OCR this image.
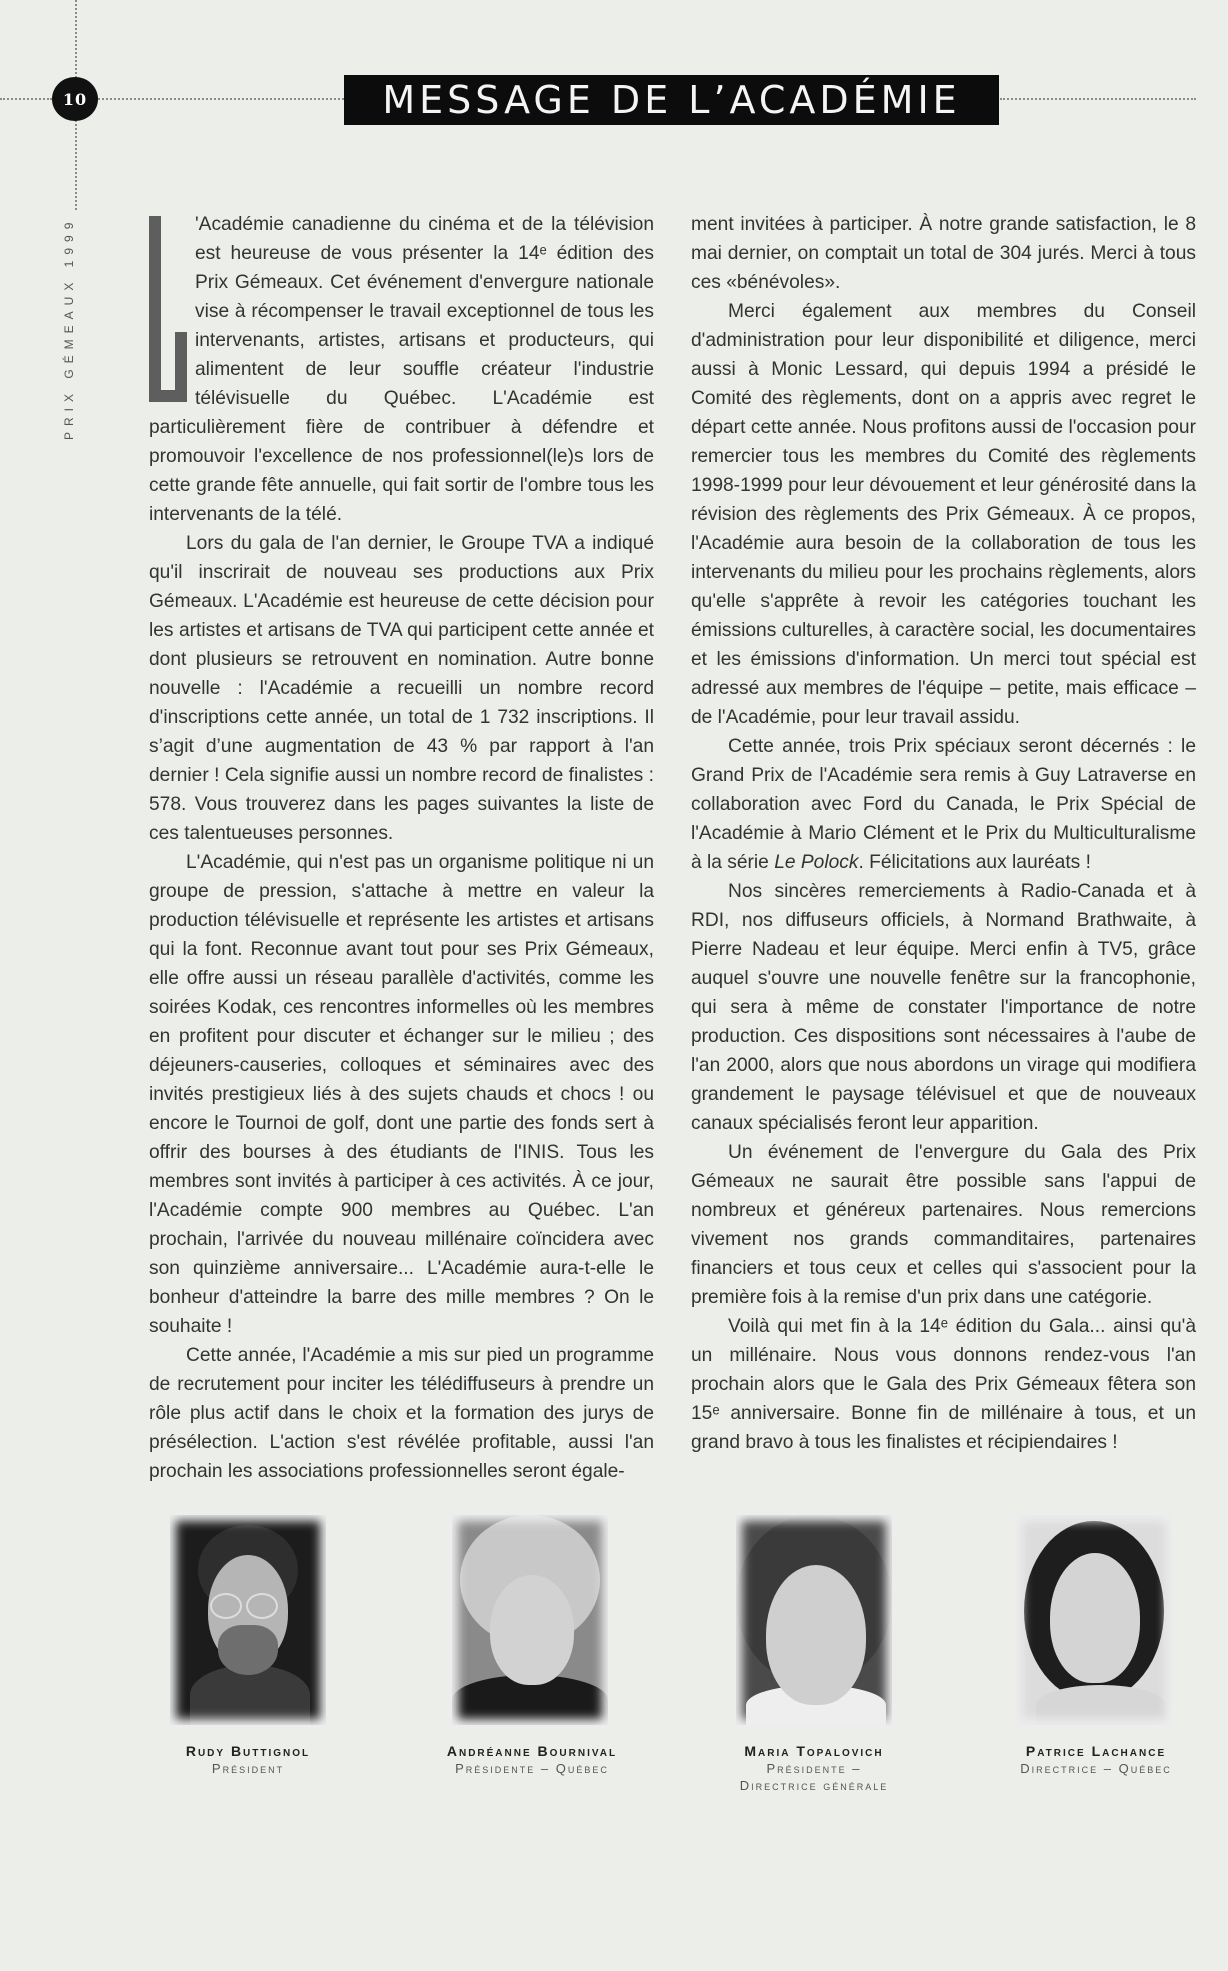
10	MESSAGE DE L’ACADÉMIE
PRIX GÉMEAUX 1999	'Académie canadienne du cinéma et de la télévision est heureuse de vous présenter la 14ᵉ édition des Prix Gémeaux. Cet événement d'envergure nationale vise à récompenser le travail exceptionnel de tous les intervenants, artistes, artisans et producteurs, qui alimentent de leur souffle créateur l'industrie télévisuelle du Québec. L'Académie est particulièrement fière de contribuer à défendre et promouvoir l'excellence de nos professionnel(le)s lors de cette grande fête annuelle, qui fait sortir de l'ombre tous les intervenants de la télé.

Lors du gala de l'an dernier, le Groupe TVA a indiqué qu'il inscrirait de nouveau ses productions aux Prix Gémeaux. L'Académie est heureuse de cette décision pour les artistes et artisans de TVA qui participent cette année et dont plusieurs se retrouvent en nomination. Autre bonne nouvelle : l'Académie a recueilli un nombre record d'inscriptions cette année, un total de 1 732 inscriptions. Il s’agit d’une augmentation de 43 % par rapport à l'an dernier ! Cela signifie aussi un nombre record de finalistes : 578. Vous trouverez dans les pages suivantes la liste de ces talentueuses personnes.

L'Académie, qui n'est pas un organisme politique ni un groupe de pression, s'attache à mettre en valeur la production télévisuelle et représente les artistes et artisans qui la font. Reconnue avant tout pour ses Prix Gémeaux, elle offre aussi un réseau parallèle d'activités, comme les soirées Kodak, ces rencontres informelles où les membres en profitent pour discuter et échanger sur le milieu ; des déjeuners-causeries, colloques et séminaires avec des invités prestigieux liés à des sujets chauds et chocs ! ou encore le Tournoi de golf, dont une partie des fonds sert à offrir des bourses à des étudiants de l'INIS. Tous les membres sont invités à participer à ces activités. À ce jour, l'Académie compte 900 membres au Québec. L'an prochain, l'arrivée du nouveau millénaire coïncidera avec son quinzième anniversaire... L'Académie aura-t-elle le bonheur d'atteindre la barre des mille membres ? On le souhaite !

Cette année, l'Académie a mis sur pied un programme de recrutement pour inciter les télédiffuseurs à prendre un rôle plus actif dans le choix et la formation des jurys de présélection. L'action s'est révélée profitable, aussi l'an prochain les associations professionnelles seront égale-

ment invitées à participer. À notre grande satisfaction, le 8 mai dernier, on comptait un total de 304 jurés. Merci à tous ces «bénévoles».

Merci également aux membres du Conseil d'administration pour leur disponibilité et diligence, merci aussi à Monic Lessard, qui depuis 1994 a présidé le Comité des règlements, dont on a appris avec regret le départ cette année. Nous profitons aussi de l'occasion pour remercier tous les membres du Comité des règlements 1998-1999 pour leur dévouement et leur générosité dans la révision des règlements des Prix Gémeaux. À ce propos, l'Académie aura besoin de la collaboration de tous les intervenants du milieu pour les prochains règlements, alors qu'elle s'apprête à revoir les catégories touchant les émissions culturelles, à caractère social, les documentaires et les émissions d'information. Un merci tout spécial est adressé aux membres de l'équipe – petite, mais efficace – de l'Académie, pour leur travail assidu.

Cette année, trois Prix spéciaux seront décernés : le Grand Prix de l'Académie sera remis à Guy Latraverse en collaboration avec Ford du Canada, le Prix Spécial de l'Académie à Mario Clément et le Prix du Multiculturalisme à la série Le Polock. Félicitations aux lauréats !

Nos sincères remerciements à Radio-Canada et à RDI, nos diffuseurs officiels, à Normand Brathwaite, à Pierre Nadeau et leur équipe. Merci enfin à TV5, grâce auquel s'ouvre une nouvelle fenêtre sur la francophonie, qui sera à même de constater l'importance de notre production. Ces dispositions sont nécessaires à l'aube de l'an 2000, alors que nous abordons un virage qui modifiera grandement le paysage télévisuel et que de nouveaux canaux spécialisés feront leur apparition.

Un événement de l'envergure du Gala des Prix Gémeaux ne saurait être possible sans l'appui de nombreux et généreux partenaires. Nous remercions vivement nos grands commanditaires, partenaires financiers et tous ceux et celles qui s'associent pour la première fois à la remise d'un prix dans une catégorie.

Voilà qui met fin à la 14ᵉ édition du Gala... ainsi qu'à un millénaire. Nous vous donnons rendez-vous l'an prochain alors que le Gala des Prix Gémeaux fêtera son 15ᵉ anniversaire. Bonne fin de millénaire à tous, et un grand bravo à tous les finalistes et récipiendaires !

Rudy Buttignol
Président
Andréanne Bournival
Présidente – Québec
Maria Topalovich
Présidente –
Directrice générale
Patrice Lachance
Directrice – Québec
